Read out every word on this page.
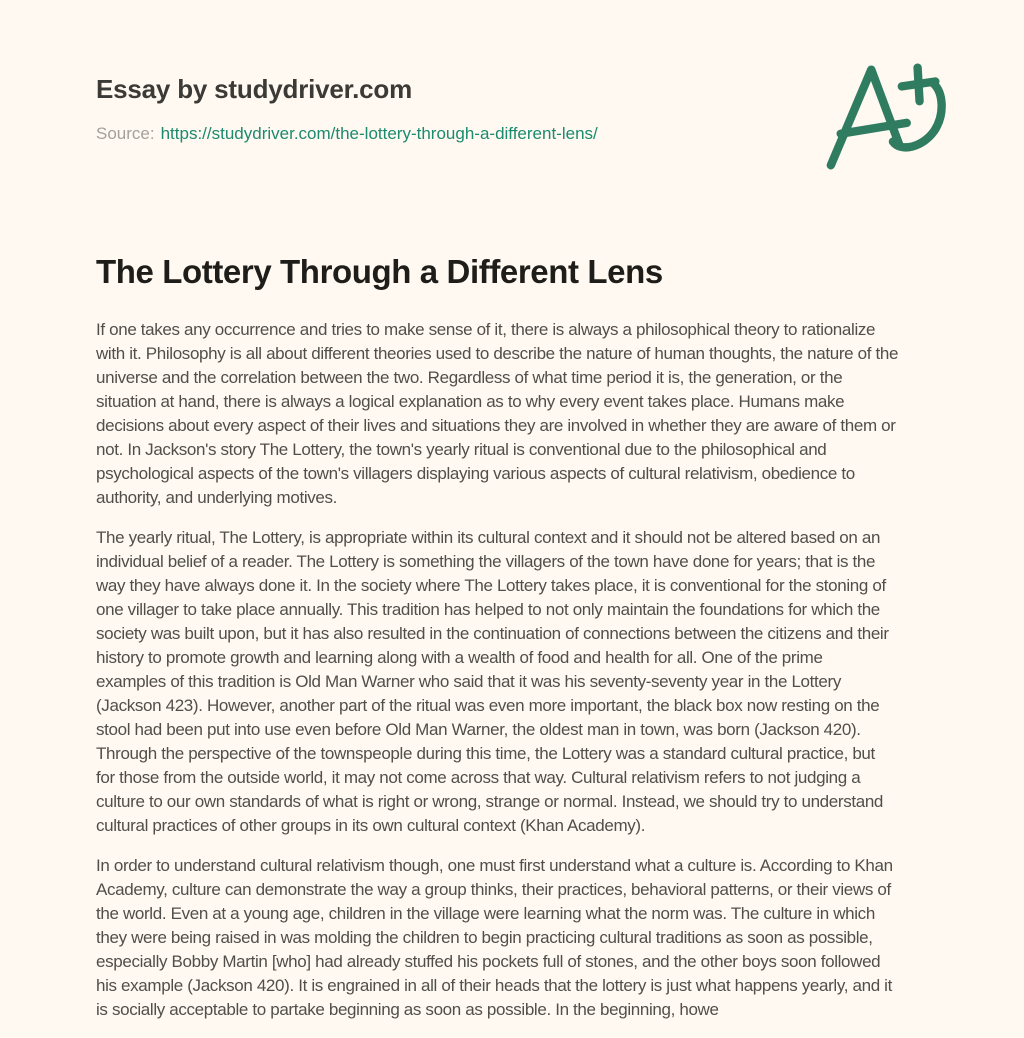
Essay by studydriver.com
Source: https://studydriver.com/the-lottery-through-a-different-lens/
The Lottery Through a Different Lens
If one takes any occurrence and tries to make sense of it, there is always a philosophical theory to rationalize
with it. Philosophy is all about different theories used to describe the nature of human thoughts, the nature of the
universe and the correlation between the two. Regardless of what time period it is, the generation, or the
situation at hand, there is always a logical explanation as to why every event takes place. Humans make
decisions about every aspect of their lives and situations they are involved in whether they are aware of them or
not. In Jackson's story The Lottery, the town's yearly ritual is conventional due to the philosophical and
psychological aspects of the town's villagers displaying various aspects of cultural relativism, obedience to
authority, and underlying motives.
The yearly ritual, The Lottery, is appropriate within its cultural context and it should not be altered based on an
individual belief of a reader. The Lottery is something the villagers of the town have done for years; that is the
way they have always done it. In the society where The Lottery takes place, it is conventional for the stoning of
one villager to take place annually. This tradition has helped to not only maintain the foundations for which the
society was built upon, but it has also resulted in the continuation of connections between the citizens and their
history to promote growth and learning along with a wealth of food and health for all. One of the prime
examples of this tradition is Old Man Warner who said that it was his seventy-seventy year in the Lottery
(Jackson 423). However, another part of the ritual was even more important, the black box now resting on the
stool had been put into use even before Old Man Warner, the oldest man in town, was born (Jackson 420).
Through the perspective of the townspeople during this time, the Lottery was a standard cultural practice, but
for those from the outside world, it may not come across that way. Cultural relativism refers to not judging a
culture to our own standards of what is right or wrong, strange or normal. Instead, we should try to understand
cultural practices of other groups in its own cultural context (Khan Academy).
In order to understand cultural relativism though, one must first understand what a culture is. According to Khan
Academy, culture can demonstrate the way a group thinks, their practices, behavioral patterns, or their views of
the world. Even at a young age, children in the village were learning what the norm was. The culture in which
they were being raised in was molding the children to begin practicing cultural traditions as soon as possible,
especially Bobby Martin [who] had already stuffed his pockets full of stones, and the other boys soon followed
his example (Jackson 420). It is engrained in all of their heads that the lottery is just what happens yearly, and it
is socially acceptable to partake beginning as soon as possible. In the beginning, howe
